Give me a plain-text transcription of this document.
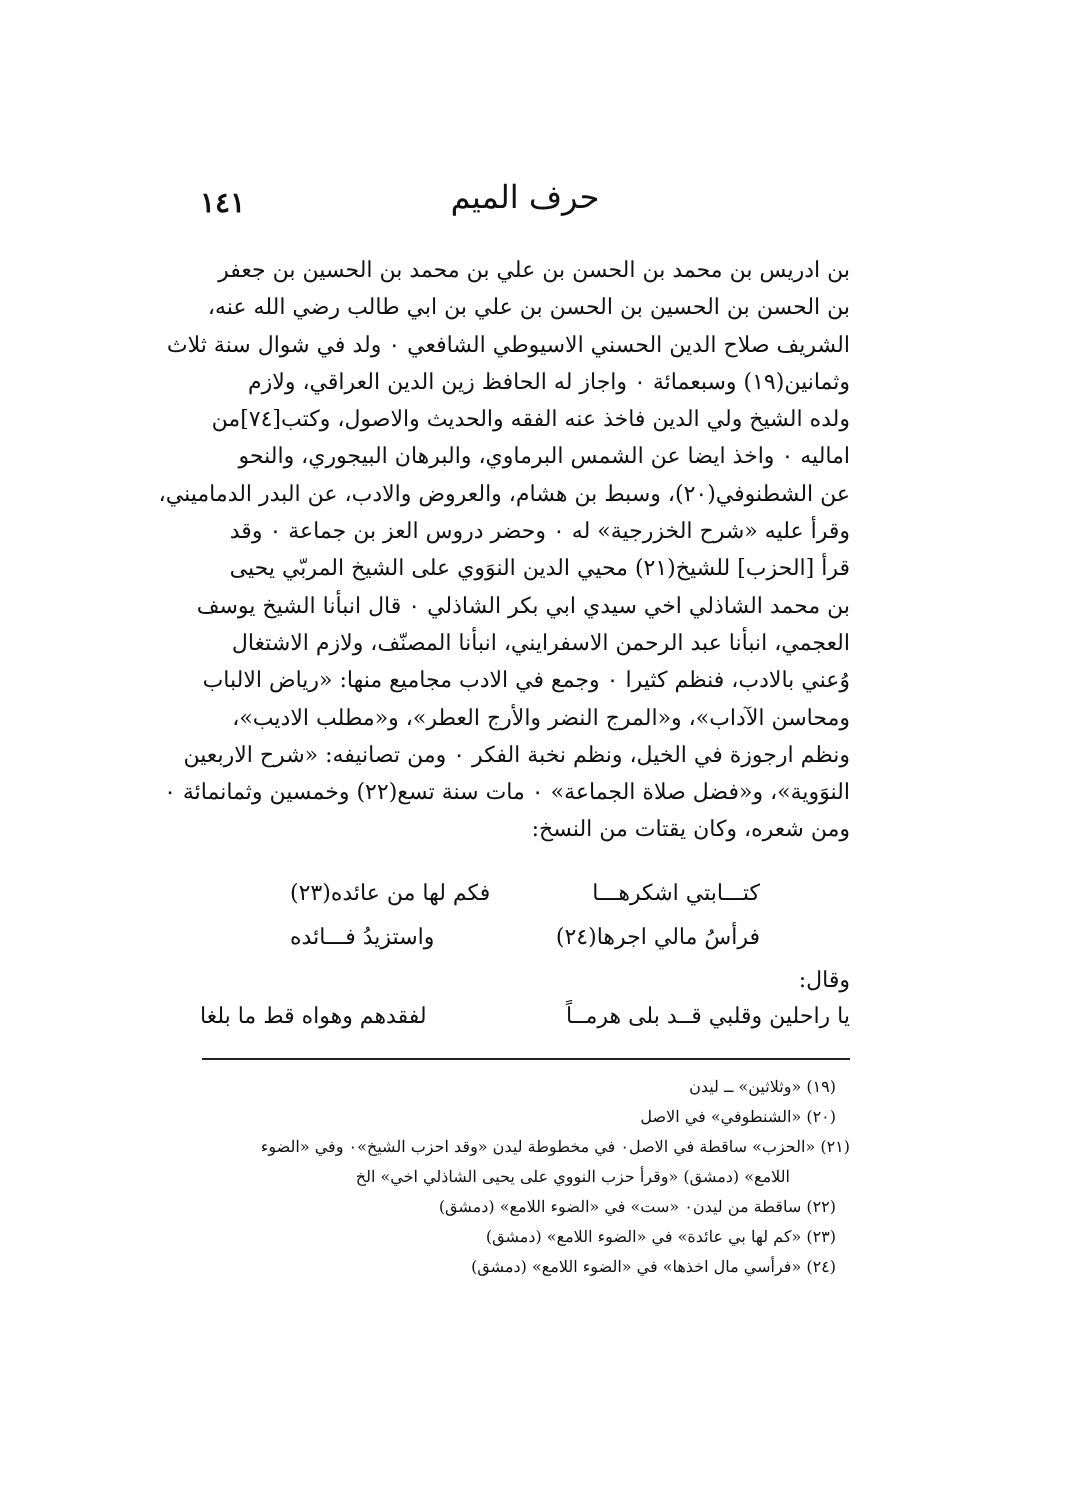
١٤١	حرف الميم
بن ادريس بن محمد بن الحسن بن علي بن محمد بن الحسين بن جعفر
بن الحسن بن الحسين بن الحسن بن علي بن ابي طالب رضي الله عنه،
الشريف صلاح الدين الحسني الاسيوطي الشافعي ٠ ولد في شوال سنة ثلاث
وثمانين(١٩) وسبعمائة ٠ واجاز له الحافظ زين الدين العراقي، ولازم
ولده الشيخ ولي الدين فاخذ عنه الفقه والحديث والاصول، وكتب[٧٤]من
اماليه ٠ واخذ ايضا عن الشمس البرماوي، والبرهان البيجوري، والنحو
عن الشطنوفي(٢٠)، وسبط بن هشام، والعروض والادب، عن البدر الدماميني،
وقرأ عليه «شرح الخزرجية» له ٠ وحضر دروس العز بن جماعة ٠ وقد
قرأ [الحزب] للشيخ(٢١) محيي الدين النوَوي على الشيخ المربّي يحيى
بن محمد الشاذلي اخي سيدي ابي بكر الشاذلي ٠ قال انبأنا الشيخ يوسف
العجمي، انبأنا عبد الرحمن الاسفرايني، انبأنا المصنّف، ولازم الاشتغال
وُعني بالادب، فنظم كثيرا ٠ وجمع في الادب مجاميع منها: «رياض الالباب
ومحاسن الآداب»، و«المرج النضر والأرج العطر»، و«مطلب الاديب»،
ونظم ارجوزة في الخيل، ونظم نخبة الفكر ٠ ومن تصانيفه: «شرح الاربعين
النوَوية»، و«فضل صلاة الجماعة» ٠ مات سنة تسع(٢٢) وخمسين وثمانمائة ٠
ومن شعره، وكان يقتات من النسخ:
كتـــابتي اشكرهـــا
فكم لها من عائده(٢٣)
فرأسُ مالي اجرها(٢٤)
واستزيدُ فـــائده
وقال:
يا راحلين وقلبي قــد بلى هرمــاً
لفقدهم وهواه قط ما بلغا
(١٩) «وثلاثين» ــ ليدن
(٢٠) «الشنطوفي» في الاصل
(٢١) «الحزب» ساقطة في الاصل٠ في مخطوطة ليدن «وقد احزب الشيخ»٠ وفي «الضوء
اللامع» (دمشق) «وقرأ حزب النووي على يحيى الشاذلي اخي» الخ
(٢٢) ساقطة من ليدن٠ «ست» في «الضوء اللامع» (دمشق)
(٢٣) «كم لها بي عائدة» في «الضوء اللامع» (دمشق)
(٢٤) «فرأسي مال اخذها» في «الضوء اللامع» (دمشق)
